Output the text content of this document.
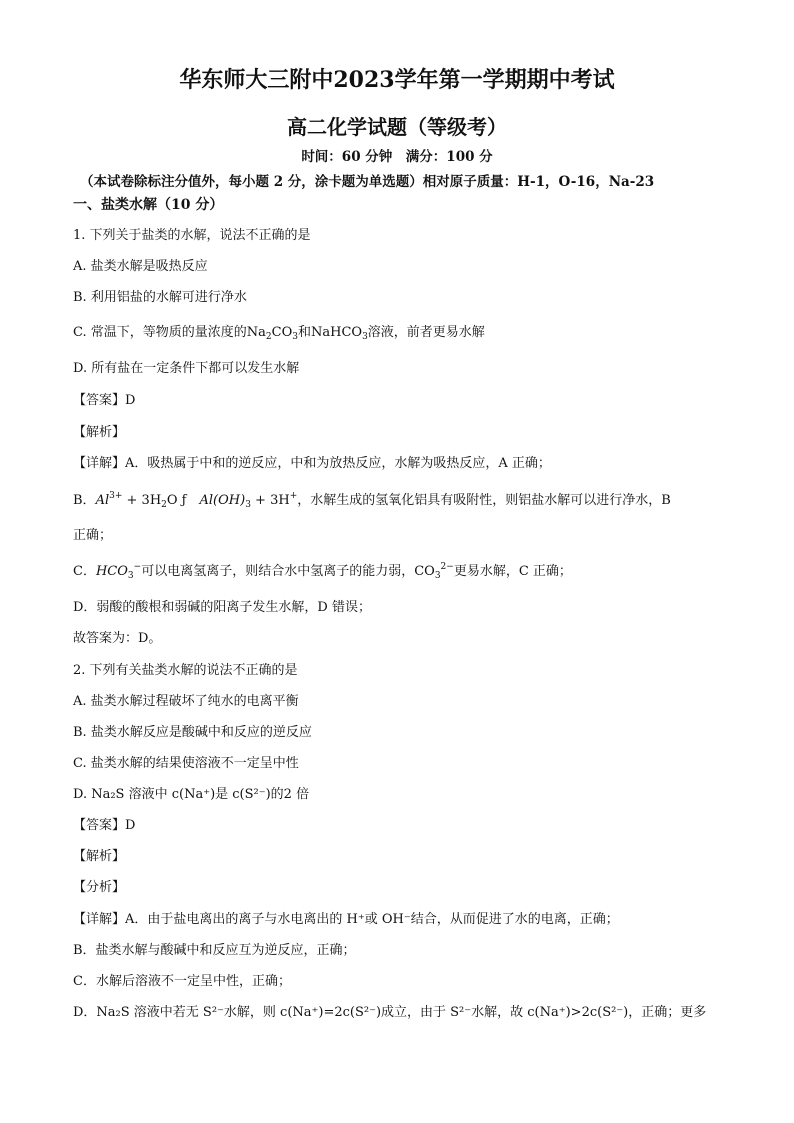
华东师大三附中2023学年第一学期期中考试
高二化学试题（等级考）
时间：60 分钟　满分：100 分
（本试卷除标注分值外，每小题 2 分，涂卡题为单选题）相对原子质量：H-1，O-16，Na-23
一、盐类水解（10 分）
1. 下列关于盐类的水解，说法不正确的是
A. 盐类水解是吸热反应
B. 利用铝盐的水解可进行净水
C. 常温下，等物质的量浓度的$Na_2CO_3$和NaHCO$_3$溶液，前者更易水解
D. 所有盐在一定条件下都可以发生水解
【答案】D
【解析】
【详解】A．吸热属于中和的逆反应，中和为放热反应，水解为吸热反应，A 正确；
B．$Al^{3+} + 3H_2O$ ƒ　$Al(OH)_3 + 3H^+$，水解生成的氢氧化铝具有吸附性，则铝盐水解可以进行净水，B
正确；
C．$HCO_3^-$可以电离氢离子，则结合水中氢离子的能力弱，$CO_3^{2-}$更易水解，C 正确；
D．弱酸的酸根和弱碱的阳离子发生水解，D 错误；
故答案为：D。
2. 下列有关盐类水解的说法不正确的是
A. 盐类水解过程破坏了纯水的电离平衡
B. 盐类水解反应是酸碱中和反应的逆反应
C. 盐类水解的结果使溶液不一定呈中性
D. Na₂S 溶液中 c(Na⁺)是 c(S²⁻)的2 倍
【答案】D
【解析】
【分析】
【详解】A．由于盐电离出的离子与水电离出的 H⁺或 OH⁻结合，从而促进了水的电离，正确；
B．盐类水解与酸碱中和反应互为逆反应，正确；
C．水解后溶液不一定呈中性，正确；
D．Na₂S 溶液中若无 S²⁻水解，则 c(Na⁺)=2c(S²⁻)成立，由于 S²⁻水解，故 c(Na⁺)>2c(S²⁻)，正确；更多
